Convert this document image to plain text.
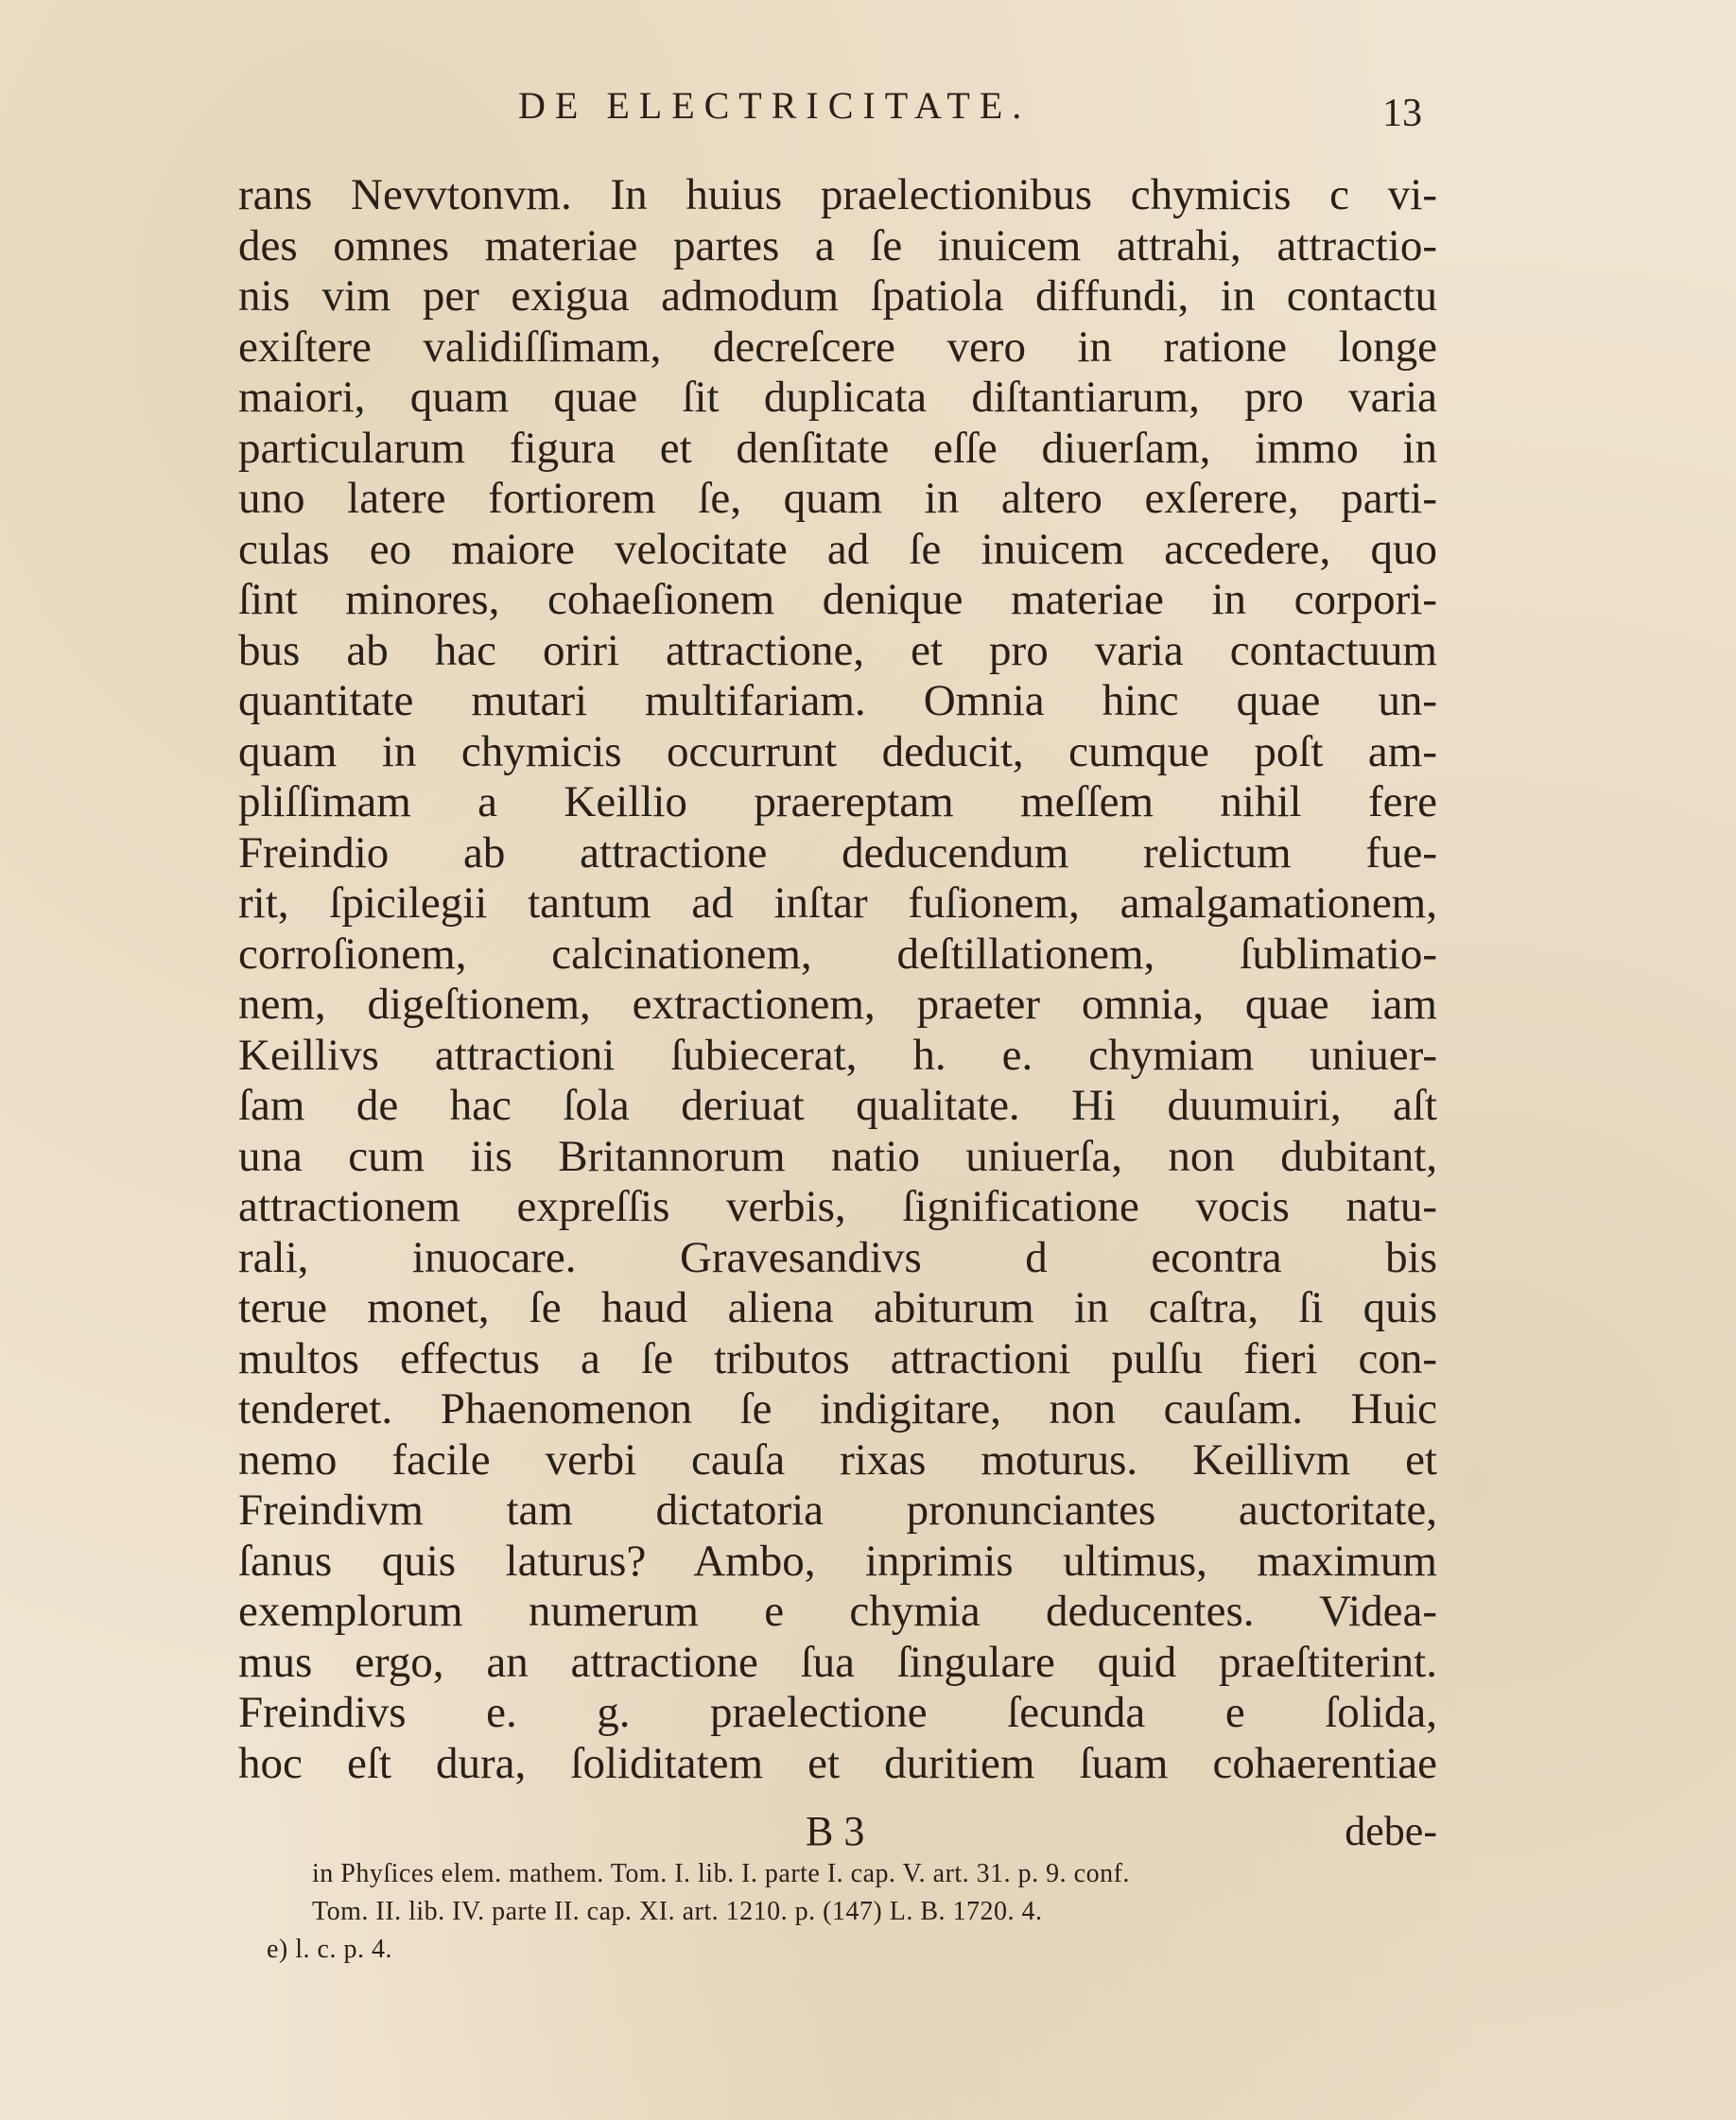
DE ELECTRICITATE.	13
rans Nevvtonvm. In huius praelectionibus chymicis c vi-
des omnes materiae partes a ſe inuicem attrahi, attractio-
nis vim per exigua admodum ſpatiola diffundi, in contactu
exiſtere validiſſimam, decreſcere vero in ratione longe
maiori, quam quae ſit duplicata diſtantiarum, pro varia
particularum figura et denſitate eſſe diuerſam, immo in
uno latere fortiorem ſe, quam in altero exſerere, parti-
culas eo maiore velocitate ad ſe inuicem accedere, quo
ſint minores, cohaeſionem denique materiae in corpori-
bus ab hac oriri attractione, et pro varia contactuum
quantitate mutari multifariam. Omnia hinc quae un-
quam in chymicis occurrunt deducit, cumque poſt am-
pliſſimam a Keillio praereptam meſſem nihil fere
Freindio ab attractione deducendum relictum fue-
rit, ſpicilegii tantum ad inſtar fuſionem, amalgamationem,
corroſionem, calcinationem, deſtillationem, ſublimatio-
nem, digeſtionem, extractionem, praeter omnia, quae iam
Keillivs attractioni ſubiecerat, h. e. chymiam uniuer-
ſam de hac ſola deriuat qualitate. Hi duumuiri, aſt
una cum iis Britannorum natio uniuerſa, non dubitant,
attractionem expreſſis verbis, ſignificatione vocis natu-
rali, inuocare. Gravesandivs d econtra bis
terue monet, ſe haud aliena abiturum in caſtra, ſi quis
multos effectus a ſe tributos attractioni pulſu fieri con-
tenderet. Phaenomenon ſe indigitare, non cauſam. Huic
nemo facile verbi cauſa rixas moturus. Keillivm et
Freindivm tam dictatoria pronunciantes auctoritate,
ſanus quis laturus? Ambo, inprimis ultimus, maximum
exemplorum numerum e chymia deducentes. Videa-
mus ergo, an attractione ſua ſingulare quid praeſtiterint.
Freindivs e. g. praelectione ſecunda e ſolida,
hoc eſt dura, ſoliditatem et duritiem ſuam cohaerentiae
B 3	debe-
in Phyſices elem. mathem. Tom. I. lib. I. parte I. cap. V. art. 31. p. 9. conf.
Tom. II. lib. IV. parte II. cap. XI. art. 1210. p. (147) L. B. 1720. 4.
e) l. c. p. 4.
